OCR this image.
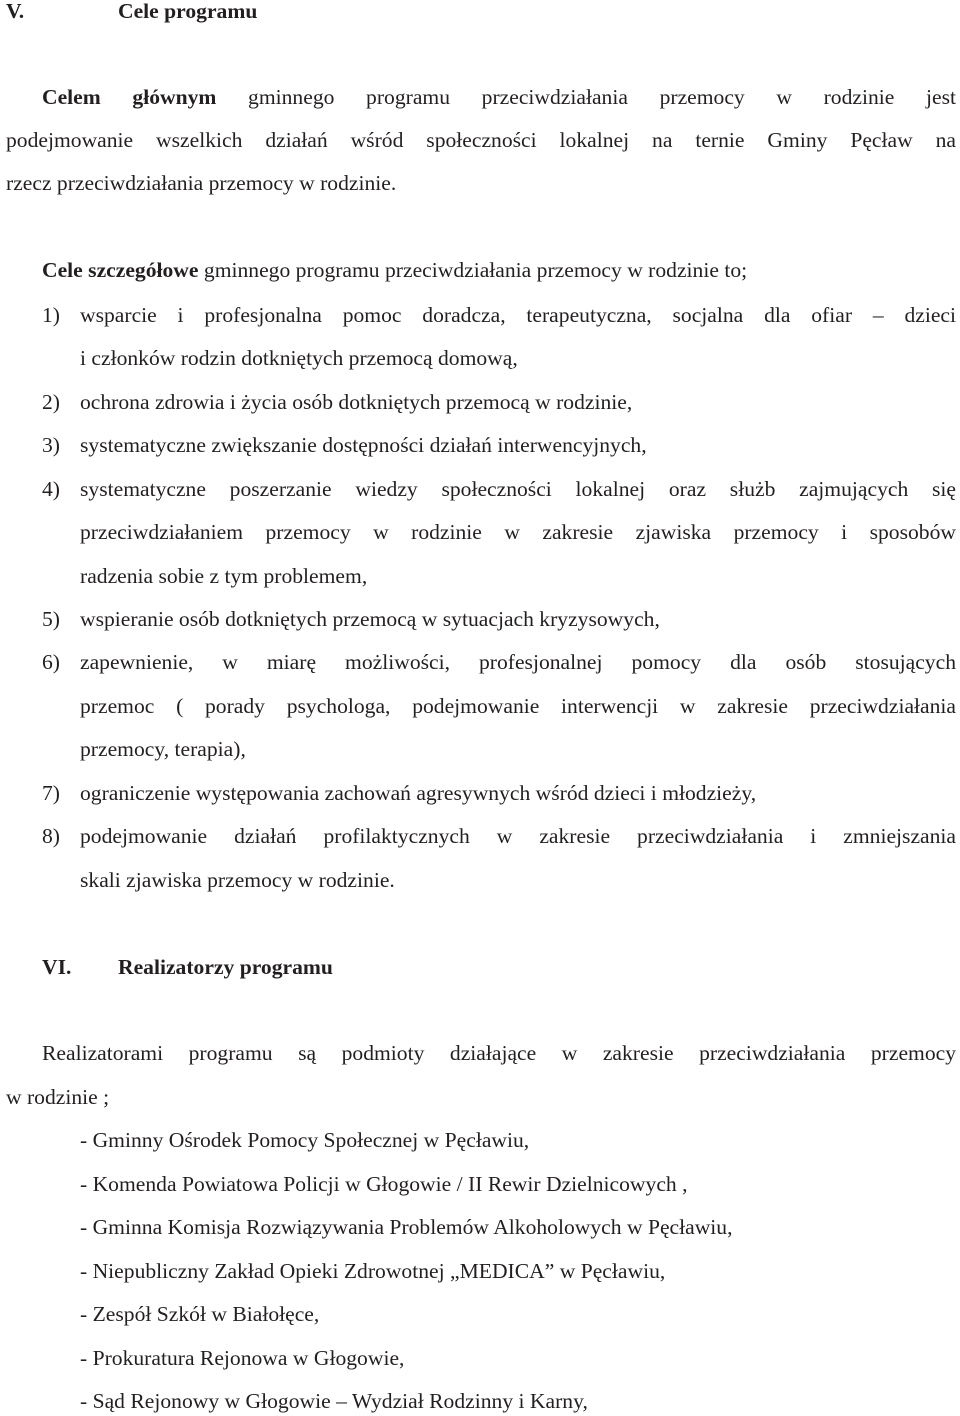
V.	Cele programu
Celem głównym gminnego programu przeciwdziałania przemocy w rodzinie jest
podejmowanie wszelkich działań wśród społeczności lokalnej na ternie Gminy Pęcław na
rzecz przeciwdziałania przemocy w rodzinie.
Cele szczegółowe gminnego programu przeciwdziałania przemocy w rodzinie to;
1) wsparcie i profesjonalna pomoc doradcza, terapeutyczna, socjalna dla ofiar – dzieci
i członków rodzin dotkniętych przemocą domową,
2) ochrona zdrowia i życia osób dotkniętych przemocą w rodzinie,
3) systematyczne zwiększanie dostępności działań interwencyjnych,
4) systematyczne poszerzanie wiedzy społeczności lokalnej oraz służb zajmujących się
przeciwdziałaniem przemocy w rodzinie w zakresie zjawiska przemocy i sposobów
radzenia sobie z tym problemem,
5) wspieranie osób dotkniętych przemocą w sytuacjach kryzysowych,
6) zapewnienie, w miarę możliwości, profesjonalnej pomocy dla osób stosujących
przemoc ( porady psychologa, podejmowanie interwencji w zakresie przeciwdziałania
przemocy, terapia),
7) ograniczenie występowania zachowań agresywnych wśród dzieci i młodzieży,
8) podejmowanie działań profilaktycznych w zakresie przeciwdziałania i zmniejszania
skali zjawiska przemocy w rodzinie.
VI. Realizatorzy programu
Realizatorami programu są podmioty działające w zakresie przeciwdziałania przemocy
w rodzinie ;
- Gminny Ośrodek Pomocy Społecznej w Pęcławiu,
- Komenda Powiatowa Policji w Głogowie / II Rewir Dzielnicowych ,
- Gminna Komisja Rozwiązywania Problemów Alkoholowych w Pęcławiu,
- Niepubliczny Zakład Opieki Zdrowotnej „MEDICA” w Pęcławiu,
- Zespół Szkół w Białołęce,
- Prokuratura Rejonowa w Głogowie,
- Sąd Rejonowy w Głogowie – Wydział Rodzinny i Karny,
